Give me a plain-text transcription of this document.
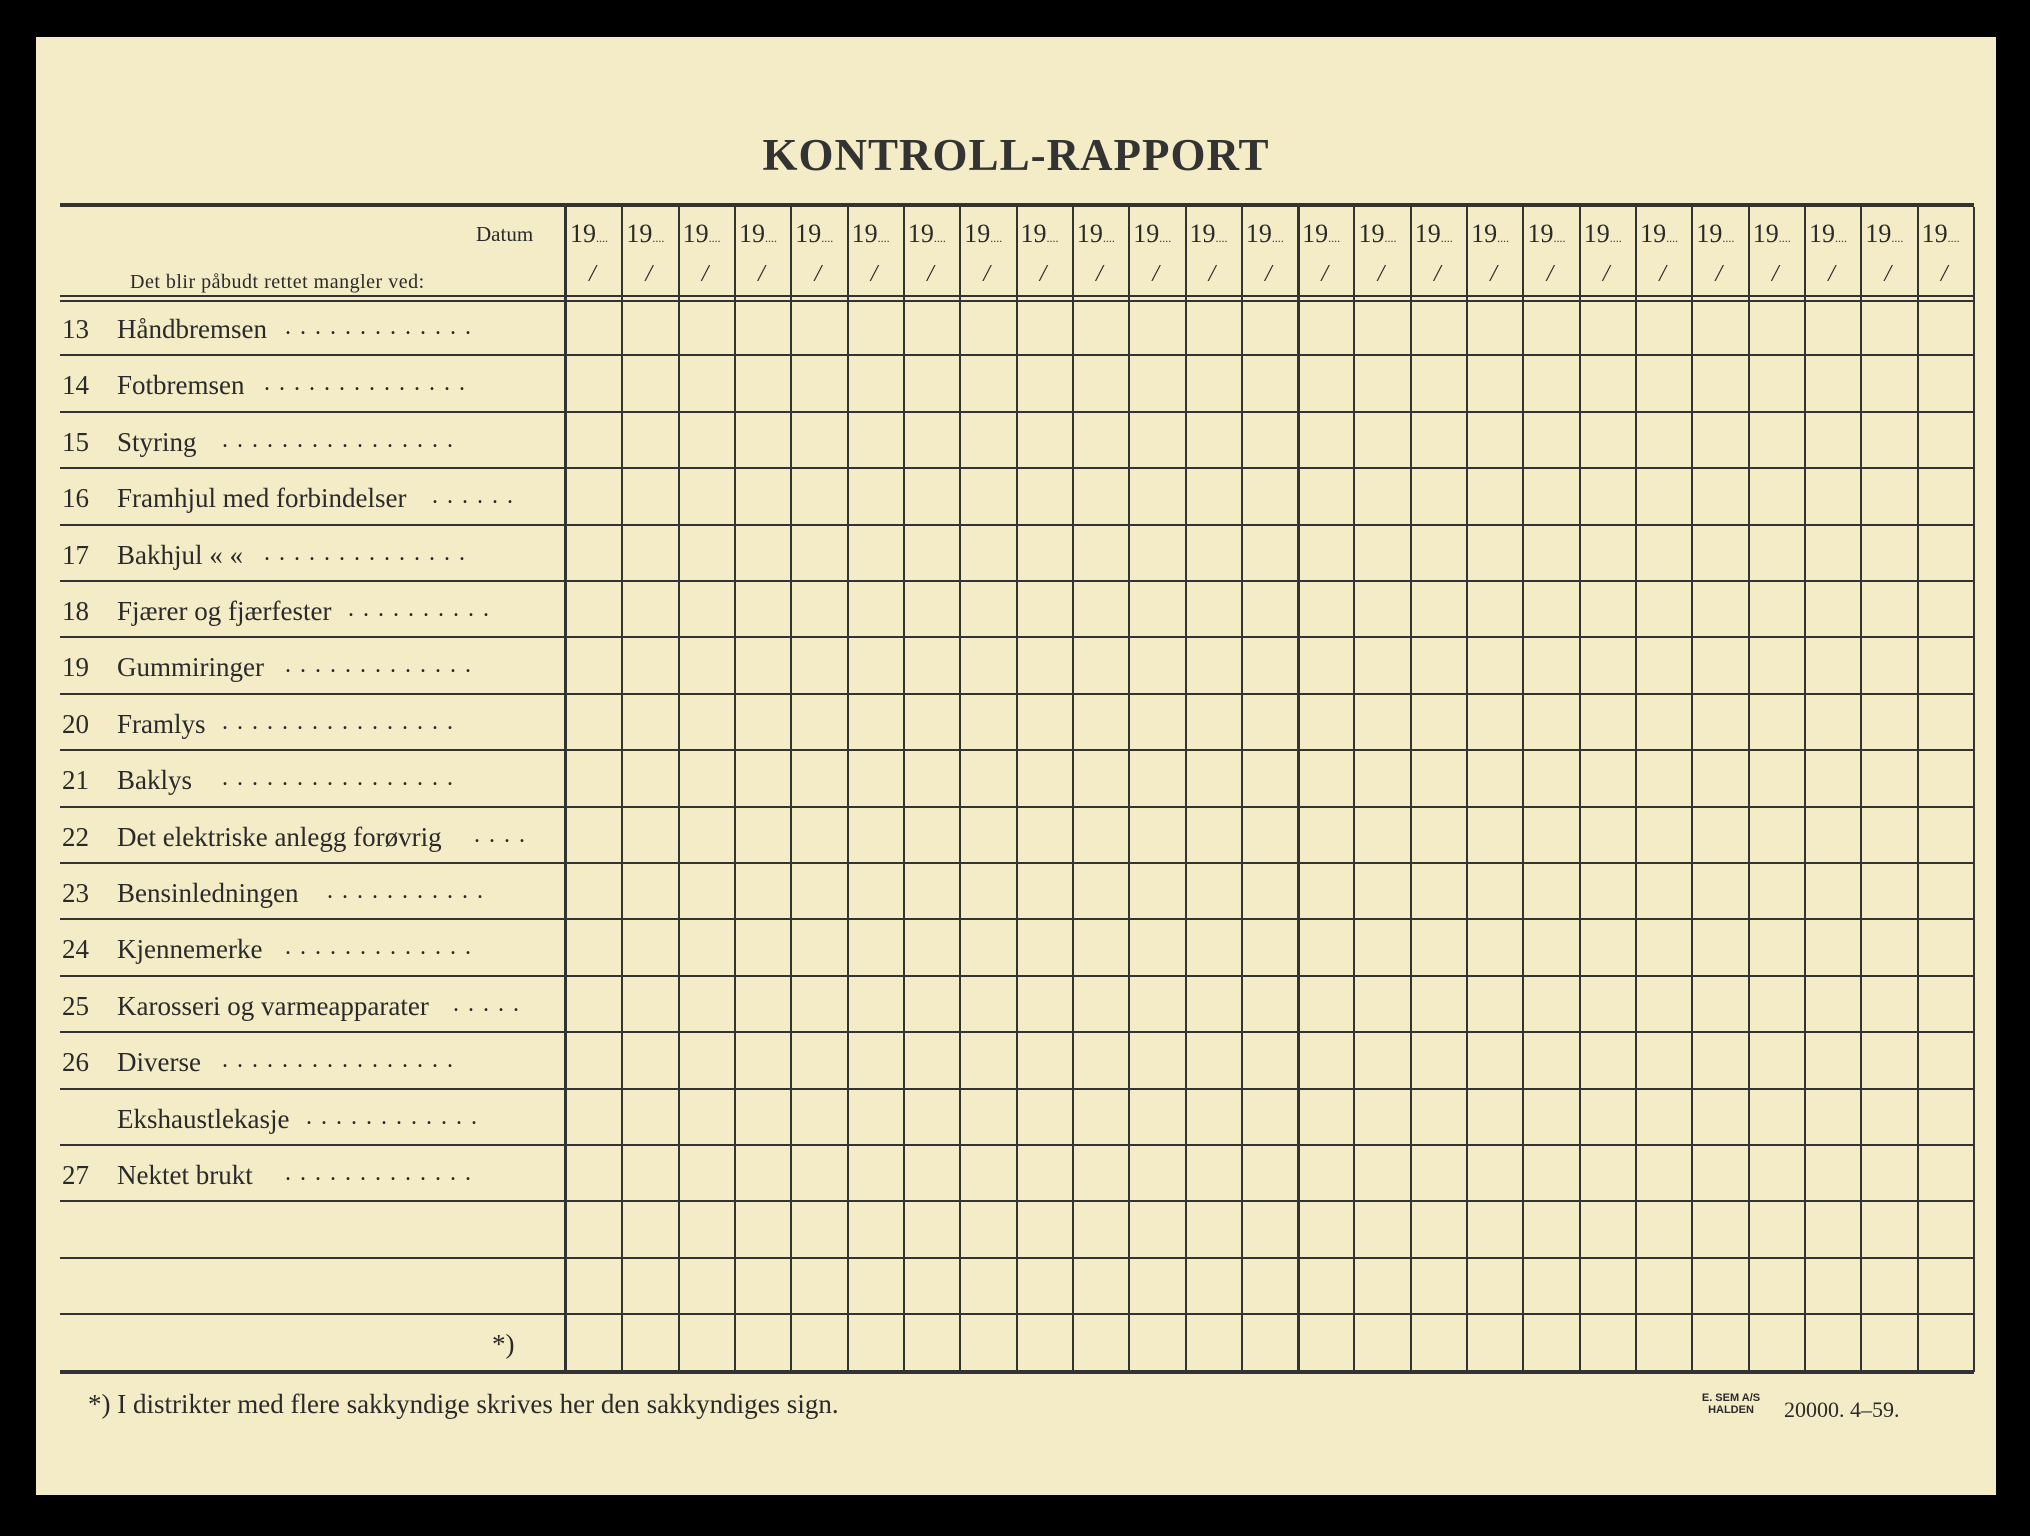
KONTROLL-RAPPORT
Datum
Det blir påbudt rettet mangler ved:
19....
/
19....
/
19....
/
19....
/
19....
/
19....
/
19....
/
19....
/
19....
/
19....
/
19....
/
19....
/
19....
/
19....
/
19....
/
19....
/
19....
/
19....
/
19....
/
19....
/
19....
/
19....
/
19....
/
19....
/
19....
/
13 Håndbremsen .............
14 Fotbremsen ..............
15 Styring ................
16 Framhjul med forbindelser ......
17 Bakhjul « « ..............
18 Fjærer og fjærfester ..........
19 Gummiringer .............
20 Framlys ................
21 Baklys ................
22 Det elektriske anlegg forøvrig ....
23 Bensinledningen ...........
24 Kjennemerke .............
25 Karosseri og varmeapparater .....
26 Diverse ................
Ekshaustlekasje ............
27 Nektet brukt .............
*)
*) I distrikter med flere sakkyndige skrives her den sakkyndiges sign.	E. SEM A/S
HALDEN	20000. 4–59.
